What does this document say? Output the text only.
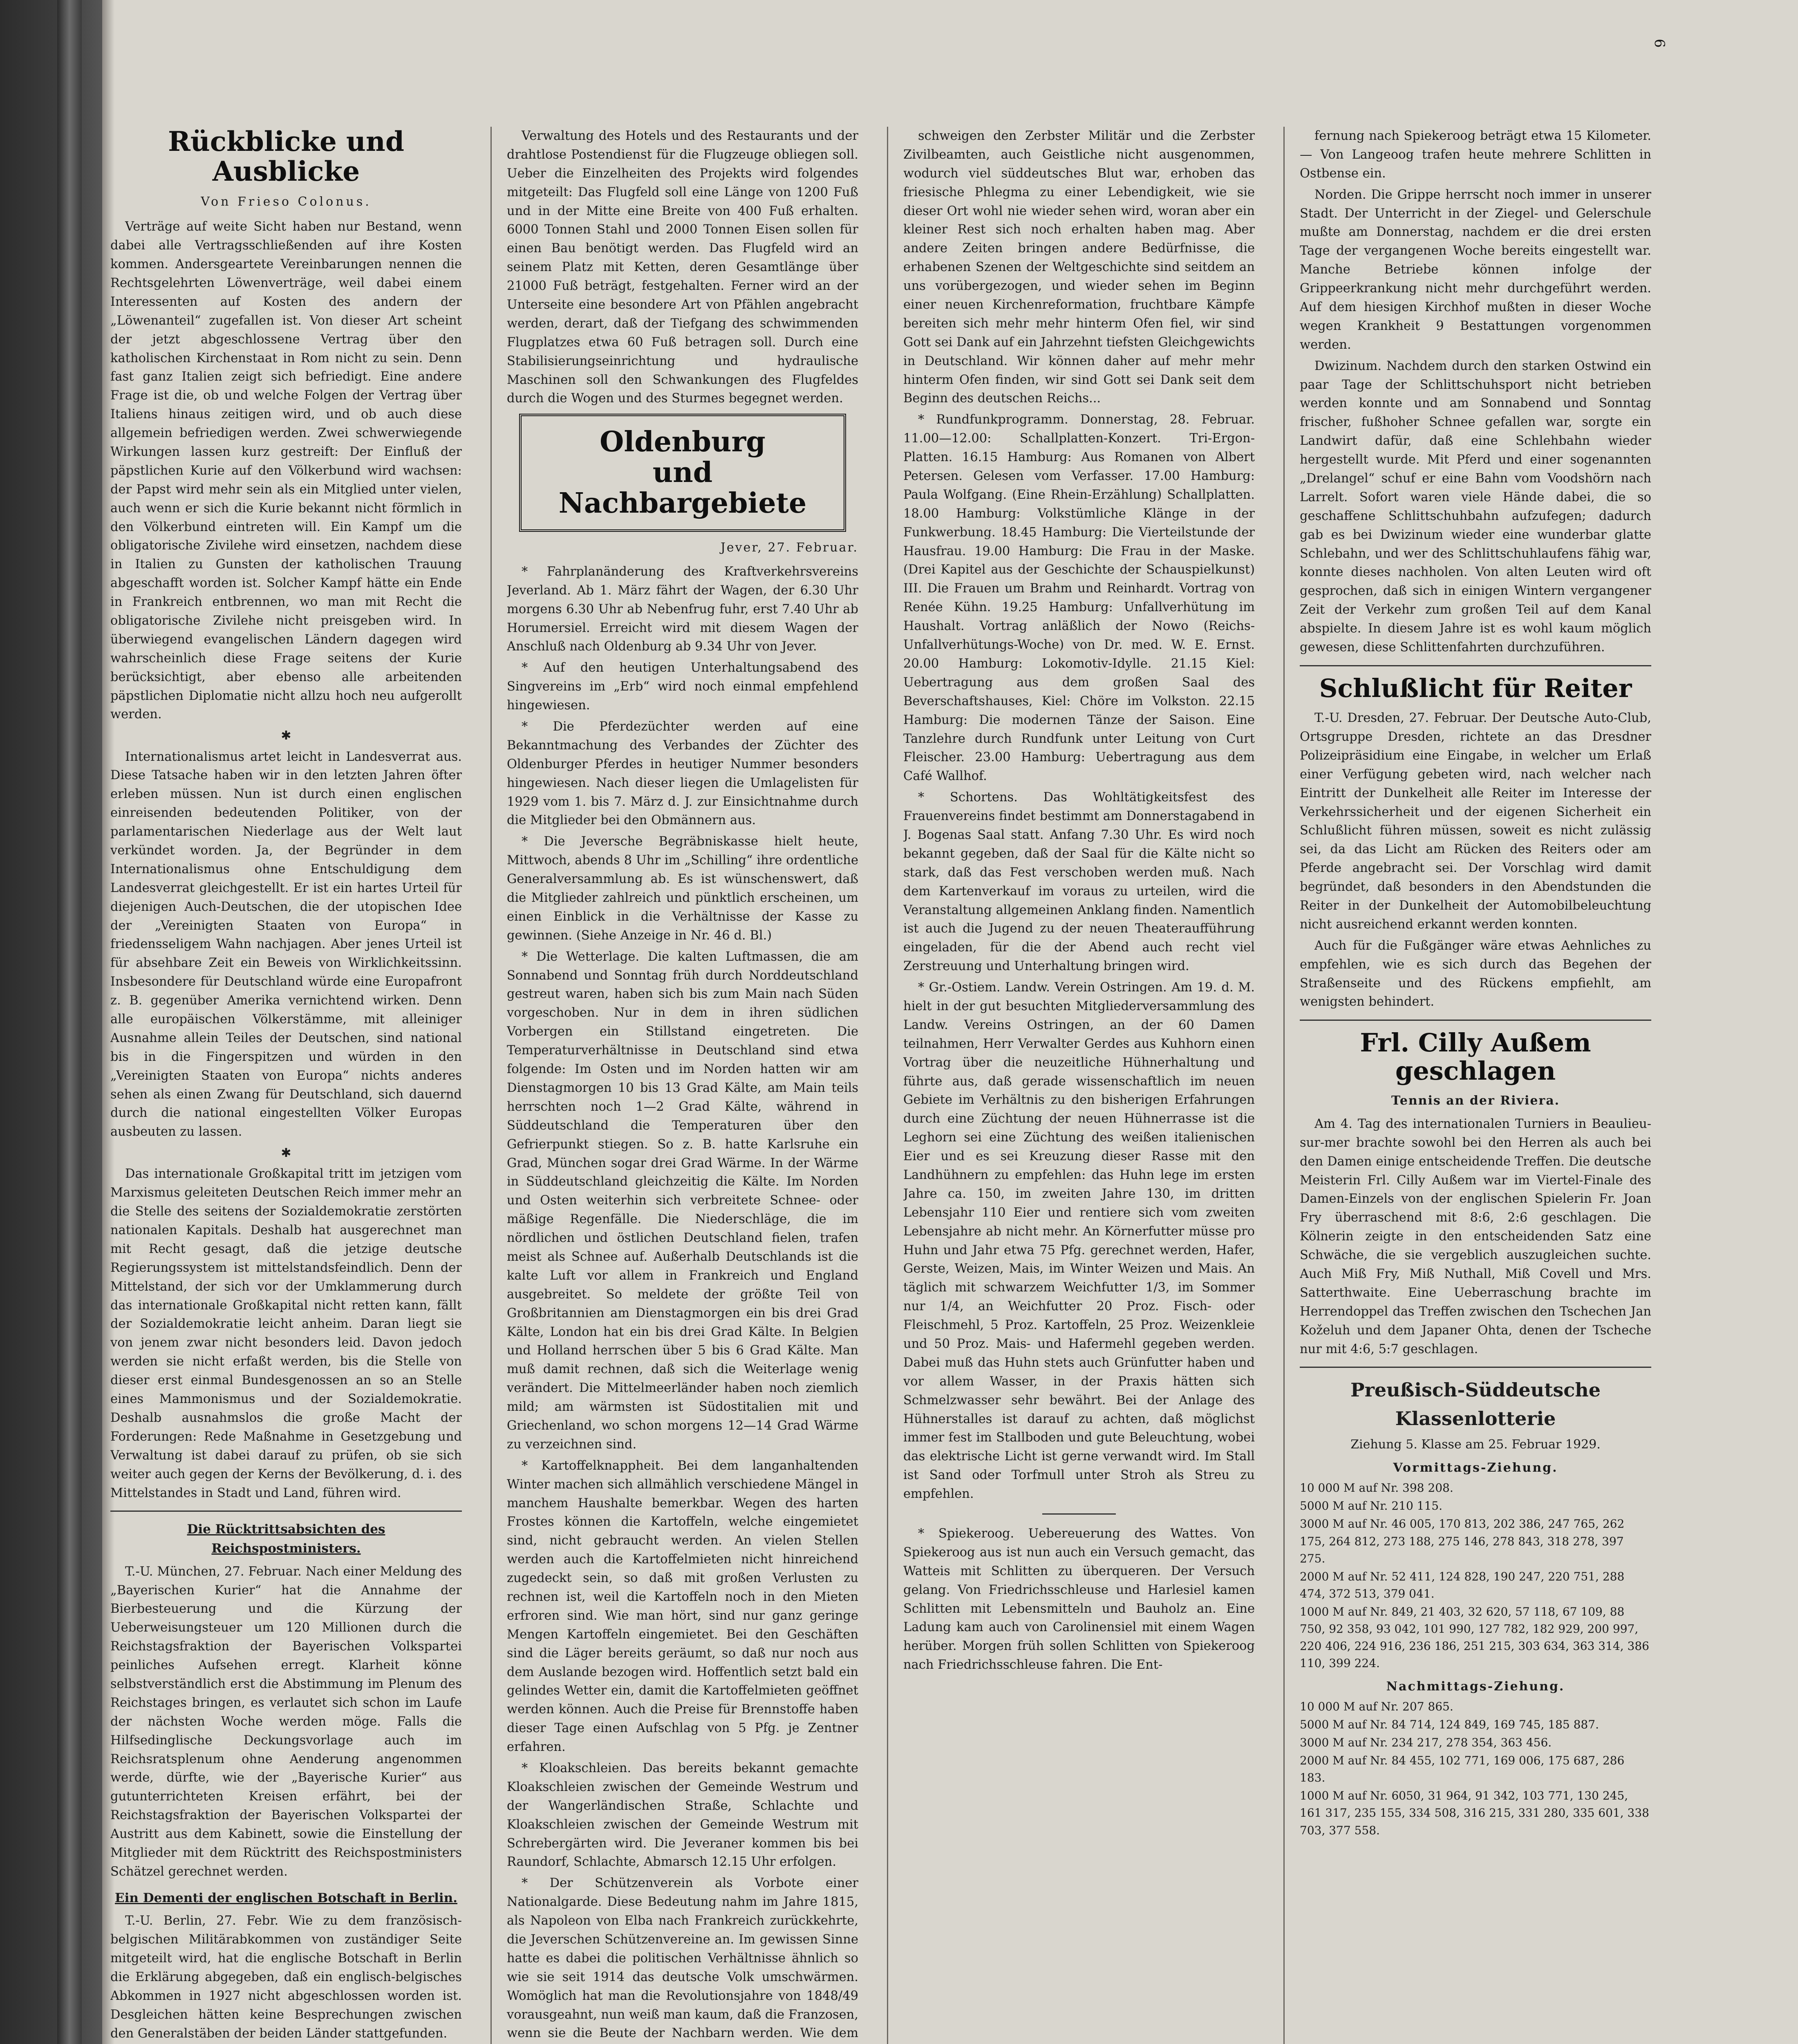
6
Rückblicke und Ausblicke
Von Frieso Colonus.

Verträge auf weite Sicht haben nur Bestand, wenn dabei alle Vertragsschließenden auf ihre Kosten kommen. Andersgeartete Vereinbarungen nennen die Rechtsgelehrten Löwenverträge, weil dabei einem Interessenten auf Kosten des andern der „Löwenanteil“ zugefallen ist. Von dieser Art scheint der jetzt abgeschlossene Vertrag über den katholischen Kirchenstaat in Rom nicht zu sein. Denn fast ganz Italien zeigt sich befriedigt. Eine andere Frage ist die, ob und welche Folgen der Vertrag über Italiens hinaus zeitigen wird, und ob auch diese allgemein befriedigen werden. Zwei schwerwiegende Wirkungen lassen kurz gestreift: Der Einfluß der päpstlichen Kurie auf den Völkerbund wird wachsen: der Papst wird mehr sein als ein Mitglied unter vielen, auch wenn er sich die Kurie bekannt nicht förmlich in den Völkerbund eintreten will. Ein Kampf um die obligatorische Zivilehe wird einsetzen, nachdem diese in Italien zu Gunsten der katholischen Trauung abgeschafft worden ist. Solcher Kampf hätte ein Ende in Frankreich entbrennen, wo man mit Recht die obligatorische Zivilehe nicht preisgeben wird. In überwiegend evangelischen Ländern dagegen wird wahrscheinlich diese Frage seitens der Kurie berücksichtigt, aber ebenso alle arbeitenden päpstlichen Diplomatie nicht allzu hoch neu aufgerollt werden.

✱

Internationalismus artet leicht in Landesverrat aus. Diese Tatsache haben wir in den letzten Jahren öfter erleben müssen. Nun ist durch einen englischen einreisenden bedeutenden Politiker, von der parlamentarischen Niederlage aus der Welt laut verkündet worden. Ja, der Begründer in dem Internationalismus ohne Entschuldigung dem Landesverrat gleichgestellt. Er ist ein hartes Urteil für diejenigen Auch-Deutschen, die der utopischen Idee der „Vereinigten Staaten von Europa“ in friedensseligem Wahn nachjagen. Aber jenes Urteil ist für absehbare Zeit ein Beweis von Wirklichkeitssinn. Insbesondere für Deutschland würde eine Europafront z. B. gegenüber Amerika vernichtend wirken. Denn alle europäischen Völkerstämme, mit alleiniger Ausnahme allein Teiles der Deutschen, sind national bis in die Fingerspitzen und würden in den „Vereinigten Staaten von Europa“ nichts anderes sehen als einen Zwang für Deutschland, sich dauernd durch die national eingestellten Völker Europas ausbeuten zu lassen.

✱

Das internationale Großkapital tritt im jetzigen vom Marxismus geleiteten Deutschen Reich immer mehr an die Stelle des seitens der Sozialdemokratie zerstörten nationalen Kapitals. Deshalb hat ausgerechnet man mit Recht gesagt, daß die jetzige deutsche Regierungssystem ist mittelstandsfeindlich. Denn der Mittelstand, der sich vor der Umklammerung durch das internationale Großkapital nicht retten kann, fällt der Sozialdemokratie leicht anheim. Daran liegt sie von jenem zwar nicht besonders leid. Davon jedoch werden sie nicht erfaßt werden, bis die Stelle von dieser erst einmal Bundesgenossen an so an Stelle eines Mammonismus und der Sozialdemokratie. Deshalb ausnahmslos die große Macht der Forderungen: Rede Maßnahme in Gesetzgebung und Verwaltung ist dabei darauf zu prüfen, ob sie sich weiter auch gegen der Kerns der Bevölkerung, d. i. des Mittelstandes in Stadt und Land, führen wird.

Die Rücktrittsabsichten des Reichspostministers.

T.-U. München, 27. Februar. Nach einer Meldung des „Bayerischen Kurier“ hat die Annahme der Bierbesteuerung und die Kürzung der Ueberweisungsteuer um 120 Millionen durch die Reichstagsfraktion der Bayerischen Volkspartei peinliches Aufsehen erregt. Klarheit könne selbstverständlich erst die Abstimmung im Plenum des Reichstages bringen, es verlautet sich schon im Laufe der nächsten Woche werden möge. Falls die Hilfsedinglische Deckungsvorlage auch im Reichsratsplenum ohne Aenderung angenommen werde, dürfte, wie der „Bayerische Kurier“ aus gutunterrichteten Kreisen erfährt, bei der Reichstagsfraktion der Bayerischen Volkspartei der Austritt aus dem Kabinett, sowie die Einstellung der Mitglieder mit dem Rücktritt des Reichspostministers Schätzel gerechnet werden.

Ein Dementi der englischen Botschaft in Berlin.

T.-U. Berlin, 27. Febr. Wie zu dem französisch-belgischen Militärabkommen von zuständiger Seite mitgeteilt wird, hat die englische Botschaft in Berlin die Erklärung abgegeben, daß ein englisch-belgisches Abkommen in 1927 nicht abgeschlossen worden ist. Desgleichen hätten keine Besprechungen zwischen den Generalstäben der beiden Länder stattgefunden.

Verwaltung des Hotels und des Restaurants und der drahtlose Postendienst für die Flugzeuge obliegen soll. Ueber die Einzelheiten des Projekts wird folgendes mitgeteilt: Das Flugfeld soll eine Länge von 1200 Fuß und in der Mitte eine Breite von 400 Fuß erhalten. 6000 Tonnen Stahl und 2000 Tonnen Eisen sollen für einen Bau benötigt werden. Das Flugfeld wird an seinem Platz mit Ketten, deren Gesamtlänge über 21000 Fuß beträgt, festgehalten. Ferner wird an der Unterseite eine besondere Art von Pfählen angebracht werden, derart, daß der Tiefgang des schwimmenden Flugplatzes etwa 60 Fuß betragen soll. Durch eine Stabilisierungseinrichtung und hydraulische Maschinen soll den Schwankungen des Flugfeldes durch die Wogen und des Sturmes begegnet werden.

Oldenburg
und Nachbargebiete
Jever, 27. Februar.

* Fahrplanänderung des Kraftverkehrsvereins Jeverland. Ab 1. März fährt der Wagen, der 6.30 Uhr morgens 6.30 Uhr ab Nebenfrug fuhr, erst 7.40 Uhr ab Horumersiel. Erreicht wird mit diesem Wagen der Anschluß nach Oldenburg ab 9.34 Uhr von Jever.

* Auf den heutigen Unterhaltungsabend des Singvereins im „Erb“ wird noch einmal empfehlend hingewiesen.

* Die Pferdezüchter werden auf eine Bekanntmachung des Verbandes der Züchter des Oldenburger Pferdes in heutiger Nummer besonders hingewiesen. Nach dieser liegen die Umlagelisten für 1929 vom 1. bis 7. März d. J. zur Einsichtnahme durch die Mitglieder bei den Obmännern aus.

* Die Jeversche Begräbniskasse hielt heute, Mittwoch, abends 8 Uhr im „Schilling“ ihre ordentliche Generalversammlung ab. Es ist wünschenswert, daß die Mitglieder zahlreich und pünktlich erscheinen, um einen Einblick in die Verhältnisse der Kasse zu gewinnen. (Siehe Anzeige in Nr. 46 d. Bl.)

* Die Wetterlage. Die kalten Luftmassen, die am Sonnabend und Sonntag früh durch Norddeutschland gestreut waren, haben sich bis zum Main nach Süden vorgeschoben. Nur in dem in ihren südlichen Vorbergen ein Stillstand eingetreten. Die Temperaturverhältnisse in Deutschland sind etwa folgende: Im Osten und im Norden hatten wir am Dienstagmorgen 10 bis 13 Grad Kälte, am Main teils herrschten noch 1—2 Grad Kälte, während in Süddeutschland die Temperaturen über den Gefrierpunkt stiegen. So z. B. hatte Karlsruhe ein Grad, München sogar drei Grad Wärme. In der Wärme in Süddeutschland gleichzeitig die Kälte. Im Norden und Osten weiterhin sich verbreitete Schnee- oder mäßige Regenfälle. Die Niederschläge, die im nördlichen und östlichen Deutschland fielen, trafen meist als Schnee auf. Außerhalb Deutschlands ist die kalte Luft vor allem in Frankreich und England ausgebreitet. So meldete der größte Teil von Großbritannien am Dienstagmorgen ein bis drei Grad Kälte, London hat ein bis drei Grad Kälte. In Belgien und Holland herrschen über 5 bis 6 Grad Kälte. Man muß damit rechnen, daß sich die Weiterlage wenig verändert. Die Mittelmeerländer haben noch ziemlich mild; am wärmsten ist Südostitalien mit und Griechenland, wo schon morgens 12—14 Grad Wärme zu verzeichnen sind.

* Kartoffelknappheit. Bei dem langanhaltenden Winter machen sich allmählich verschiedene Mängel in manchem Haushalte bemerkbar. Wegen des harten Frostes können die Kartoffeln, welche eingemietet sind, nicht gebraucht werden. An vielen Stellen werden auch die Kartoffelmieten nicht hinreichend zugedeckt sein, so daß mit großen Verlusten zu rechnen ist, weil die Kartoffeln noch in den Mieten erfroren sind. Wie man hört, sind nur ganz geringe Mengen Kartoffeln eingemietet. Bei den Geschäften sind die Läger bereits geräumt, so daß nur noch aus dem Auslande bezogen wird. Hoffentlich setzt bald ein gelindes Wetter ein, damit die Kartoffelmieten geöffnet werden können. Auch die Preise für Brennstoffe haben dieser Tage einen Aufschlag von 5 Pfg. je Zentner erfahren.

* Kloakschleien. Das bereits bekannt gemachte Kloakschleien zwischen der Gemeinde Westrum und der Wangerländischen Straße, Schlachte und Kloakschleien zwischen der Gemeinde Westrum mit Schrebergärten wird. Die Jeveraner kommen bis bei Raundorf, Schlachte, Abmarsch 12.15 Uhr erfolgen.

* Der Schützenverein als Vorbote einer Nationalgarde. Diese Bedeutung nahm im Jahre 1815, als Napoleon von Elba nach Frankreich zurückkehrte, die Jeverschen Schützenvereine an. Im gewissen Sinne hatte es dabei die politischen Verhältnisse ähnlich so wie sie seit 1914 das deutsche Volk umschwärmen. Womöglich hat man die Revolutionsjahre von 1848/49 vorausgeahnt, nun weiß man kaum, daß die Franzosen, wenn sie die Beute der Nachbarn werden. Wie dem

schweigen den Zerbster Militär und die Zerbster Zivilbeamten, auch Geistliche nicht ausgenommen, wodurch viel süddeutsches Blut war, erhoben das friesische Phlegma zu einer Lebendigkeit, wie sie dieser Ort wohl nie wieder sehen wird, woran aber ein kleiner Rest sich noch erhalten haben mag. Aber andere Zeiten bringen andere Bedürfnisse, die erhabenen Szenen der Weltgeschichte sind seitdem an uns vorübergezogen, und wieder sehen im Beginn einer neuen Kirchenreformation, fruchtbare Kämpfe bereiten sich mehr mehr hinterm Ofen fiel, wir sind Gott sei Dank auf ein Jahrzehnt tiefsten Gleichgewichts in Deutschland. Wir können daher auf mehr mehr hinterm Ofen finden, wir sind Gott sei Dank seit dem Beginn des deutschen Reichs...

* Rundfunkprogramm. Donnerstag, 28. Februar. 11.00—12.00: Schallplatten-Konzert. Tri-Ergon-Platten. 16.15 Hamburg: Aus Romanen von Albert Petersen. Gelesen vom Verfasser. 17.00 Hamburg: Paula Wolfgang. (Eine Rhein-Erzählung) Schallplatten. 18.00 Hamburg: Volkstümliche Klänge in der Funkwerbung. 18.45 Hamburg: Die Vierteilstunde der Hausfrau. 19.00 Hamburg: Die Frau in der Maske. (Drei Kapitel aus der Geschichte der Schauspielkunst) III. Die Frauen um Brahm und Reinhardt. Vortrag von Renée Kühn. 19.25 Hamburg: Unfallverhütung im Haushalt. Vortrag anläßlich der Nowo (Reichs-Unfallverhütungs-Woche) von Dr. med. W. E. Ernst. 20.00 Hamburg: Lokomotiv-Idylle. 21.15 Kiel: Uebertragung aus dem großen Saal des Beverschaftshauses, Kiel: Chöre im Volkston. 22.15 Hamburg: Die modernen Tänze der Saison. Eine Tanzlehre durch Rundfunk unter Leitung von Curt Fleischer. 23.00 Hamburg: Uebertragung aus dem Café Wallhof.

* Schortens. Das Wohltätigkeitsfest des Frauenvereins findet bestimmt am Donnerstagabend in J. Bogenas Saal statt. Anfang 7.30 Uhr. Es wird noch bekannt gegeben, daß der Saal für die Kälte nicht so stark, daß das Fest verschoben werden muß. Nach dem Kartenverkauf im voraus zu urteilen, wird die Veranstaltung allgemeinen Anklang finden. Namentlich ist auch die Jugend zu der neuen Theateraufführung eingeladen, für die der Abend auch recht viel Zerstreuung und Unterhaltung bringen wird.

* Gr.-Ostiem. Landw. Verein Ostringen. Am 19. d. M. hielt in der gut besuchten Mitgliederversammlung des Landw. Vereins Ostringen, an der 60 Damen teilnahmen, Herr Verwalter Gerdes aus Kuhhorn einen Vortrag über die neuzeitliche Hühnerhaltung und führte aus, daß gerade wissenschaftlich im neuen Gebiete im Verhältnis zu den bisherigen Erfahrungen durch eine Züchtung der neuen Hühnerrasse ist die Leghorn sei eine Züchtung des weißen italienischen Eier und es sei Kreuzung dieser Rasse mit den Landhühnern zu empfehlen: das Huhn lege im ersten Jahre ca. 150, im zweiten Jahre 130, im dritten Lebensjahr 110 Eier und rentiere sich vom zweiten Lebensjahre ab nicht mehr. An Körnerfutter müsse pro Huhn und Jahr etwa 75 Pfg. gerechnet werden, Hafer, Gerste, Weizen, Mais, im Winter Weizen und Mais. An täglich mit schwarzem Weichfutter 1/3, im Sommer nur 1/4, an Weichfutter 20 Proz. Fisch- oder Fleischmehl, 5 Proz. Kartoffeln, 25 Proz. Weizenkleie und 50 Proz. Mais- und Hafermehl gegeben werden. Dabei muß das Huhn stets auch Grünfutter haben und vor allem Wasser, in der Praxis hätten sich Schmelzwasser sehr bewährt. Bei der Anlage des Hühnerstalles ist darauf zu achten, daß möglichst immer fest im Stallboden und gute Beleuchtung, wobei das elektrische Licht ist gerne verwandt wird. Im Stall ist Sand oder Torfmull unter Stroh als Streu zu empfehlen.

* Spiekeroog. Uebereuerung des Wattes. Von Spiekeroog aus ist nun auch ein Versuch gemacht, das Watteis mit Schlitten zu überqueren. Der Versuch gelang. Von Friedrichsschleuse und Harlesiel kamen Schlitten mit Lebensmitteln und Bauholz an. Eine Ladung kam auch von Carolinensiel mit einem Wagen herüber. Morgen früh sollen Schlitten von Spiekeroog nach Friedrichsschleuse fahren. Die Ent-

fernung nach Spiekeroog beträgt etwa 15 Kilometer. — Von Langeoog trafen heute mehrere Schlitten in Ostbense ein.

Norden. Die Grippe herrscht noch immer in unserer Stadt. Der Unterricht in der Ziegel- und Gelerschule mußte am Donnerstag, nachdem er die drei ersten Tage der vergangenen Woche bereits eingestellt war. Manche Betriebe können infolge der Grippeerkrankung nicht mehr durchgeführt werden. Auf dem hiesigen Kirchhof mußten in dieser Woche wegen Krankheit 9 Bestattungen vorgenommen werden.

Dwizinum. Nachdem durch den starken Ostwind ein paar Tage der Schlittschuhsport nicht betrieben werden konnte und am Sonnabend und Sonntag frischer, fußhoher Schnee gefallen war, sorgte ein Landwirt dafür, daß eine Schlehbahn wieder hergestellt wurde. Mit Pferd und einer sogenannten „Drelangel“ schuf er eine Bahn vom Voodshörn nach Larrelt. Sofort waren viele Hände dabei, die so geschaffene Schlittschuhbahn aufzufegen; dadurch gab es bei Dwizinum wieder eine wunderbar glatte Schlebahn, und wer des Schlittschuhlaufens fähig war, konnte dieses nachholen. Von alten Leuten wird oft gesprochen, daß sich in einigen Wintern vergangener Zeit der Verkehr zum großen Teil auf dem Kanal abspielte. In diesem Jahre ist es wohl kaum möglich gewesen, diese Schlittenfahrten durchzuführen.

Schlußlicht für Reiter

T.-U. Dresden, 27. Februar. Der Deutsche Auto-Club, Ortsgruppe Dresden, richtete an das Dresdner Polizeipräsidium eine Eingabe, in welcher um Erlaß einer Verfügung gebeten wird, nach welcher nach Eintritt der Dunkelheit alle Reiter im Interesse der Verkehrssicherheit und der eigenen Sicherheit ein Schlußlicht führen müssen, soweit es nicht zulässig sei, da das Licht am Rücken des Reiters oder am Pferde angebracht sei. Der Vorschlag wird damit begründet, daß besonders in den Abendstunden die Reiter in der Dunkelheit der Automobilbeleuchtung nicht ausreichend erkannt werden konnten.

Auch für die Fußgänger wäre etwas Aehnliches zu empfehlen, wie es sich durch das Begehen der Straßenseite und des Rückens empfiehlt, am wenigsten behindert.

Frl. Cilly Außem geschlagen
Tennis an der Riviera.

Am 4. Tag des internationalen Turniers in Beaulieu-sur-mer brachte sowohl bei den Herren als auch bei den Damen einige entscheidende Treffen. Die deutsche Meisterin Frl. Cilly Außem war im Viertel-Finale des Damen-Einzels von der englischen Spielerin Fr. Joan Fry überraschend mit 8:6, 2:6 geschlagen. Die Kölnerin zeigte in den entscheidenden Satz eine Schwäche, die sie vergeblich auszugleichen suchte. Auch Miß Fry, Miß Nuthall, Miß Covell und Mrs. Satterthwaite. Eine Ueberraschung brachte im Herrendoppel das Treffen zwischen den Tschechen Jan Koželuh und dem Japaner Ohta, denen der Tscheche nur mit 4:6, 5:7 geschlagen.

Preußisch-Süddeutsche Klassenlotterie
Ziehung 5. Klasse am 25. Februar 1929.
Vormittags-Ziehung.
10 000 M auf Nr. 398 208.
5000 M auf Nr. 210 115.
3000 M auf Nr. 46 005, 170 813, 202 386, 247 765, 262 175, 264 812, 273 188, 275 146, 278 843, 318 278, 397 275.
2000 M auf Nr. 52 411, 124 828, 190 247, 220 751, 288 474, 372 513, 379 041.
1000 M auf Nr. 849, 21 403, 32 620, 57 118, 67 109, 88 750, 92 358, 93 042, 101 990, 127 782, 182 929, 200 997, 220 406, 224 916, 236 186, 251 215, 303 634, 363 314, 386 110, 399 224.
Nachmittags-Ziehung.
10 000 M auf Nr. 207 865.
5000 M auf Nr. 84 714, 124 849, 169 745, 185 887.
3000 M auf Nr. 234 217, 278 354, 363 456.
2000 M auf Nr. 84 455, 102 771, 169 006, 175 687, 286 183.
1000 M auf Nr. 6050, 31 964, 91 342, 103 771, 130 245, 161 317, 235 155, 334 508, 316 215, 331 280, 335 601, 338 703, 377 558.
